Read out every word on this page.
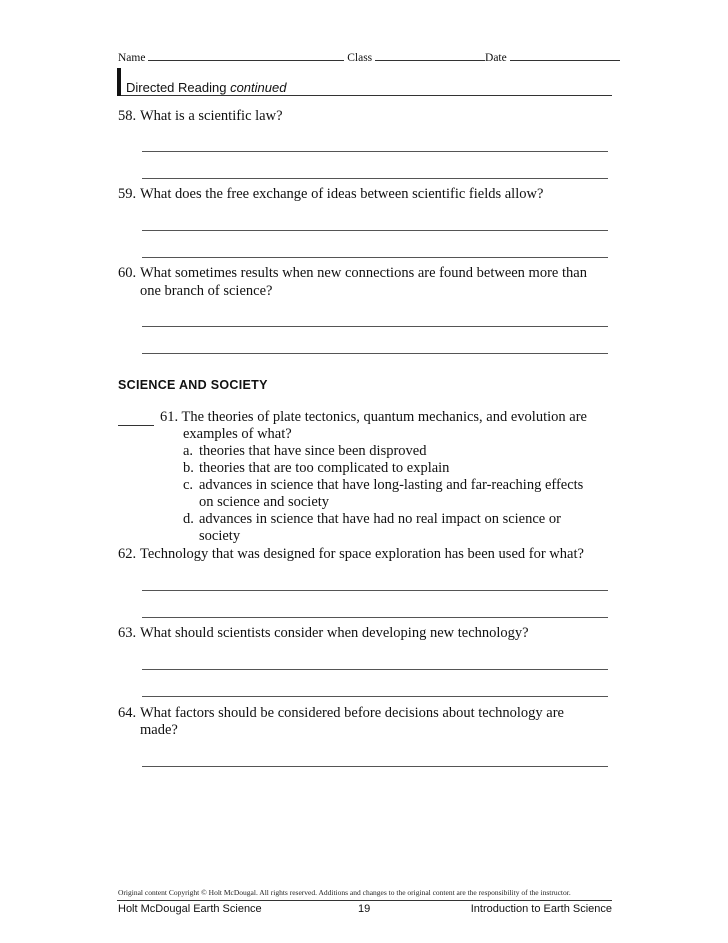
Name	Class	Date
Directed Reading continued
58. What is a scientific law?
59. What does the free exchange of ideas between scientific fields allow?
60. What sometimes results when new connections are found between more than
one branch of science?
SCIENCE AND SOCIETY
61. The theories of plate tectonics, quantum mechanics, and evolution are
examples of what?
a. theories that have since been disproved
b. theories that are too complicated to explain
c. advances in science that have long-lasting and far-reaching effects
on science and society
d. advances in science that have had no real impact on science or
society
62. Technology that was designed for space exploration has been used for what?
63. What should scientists consider when developing new technology?
64. What factors should be considered before decisions about technology are
made?
Original content Copyright © Holt McDougal. All rights reserved. Additions and changes to the original content are the responsibility of the instructor.
Holt McDougal Earth Science	19	Introduction to Earth Science
